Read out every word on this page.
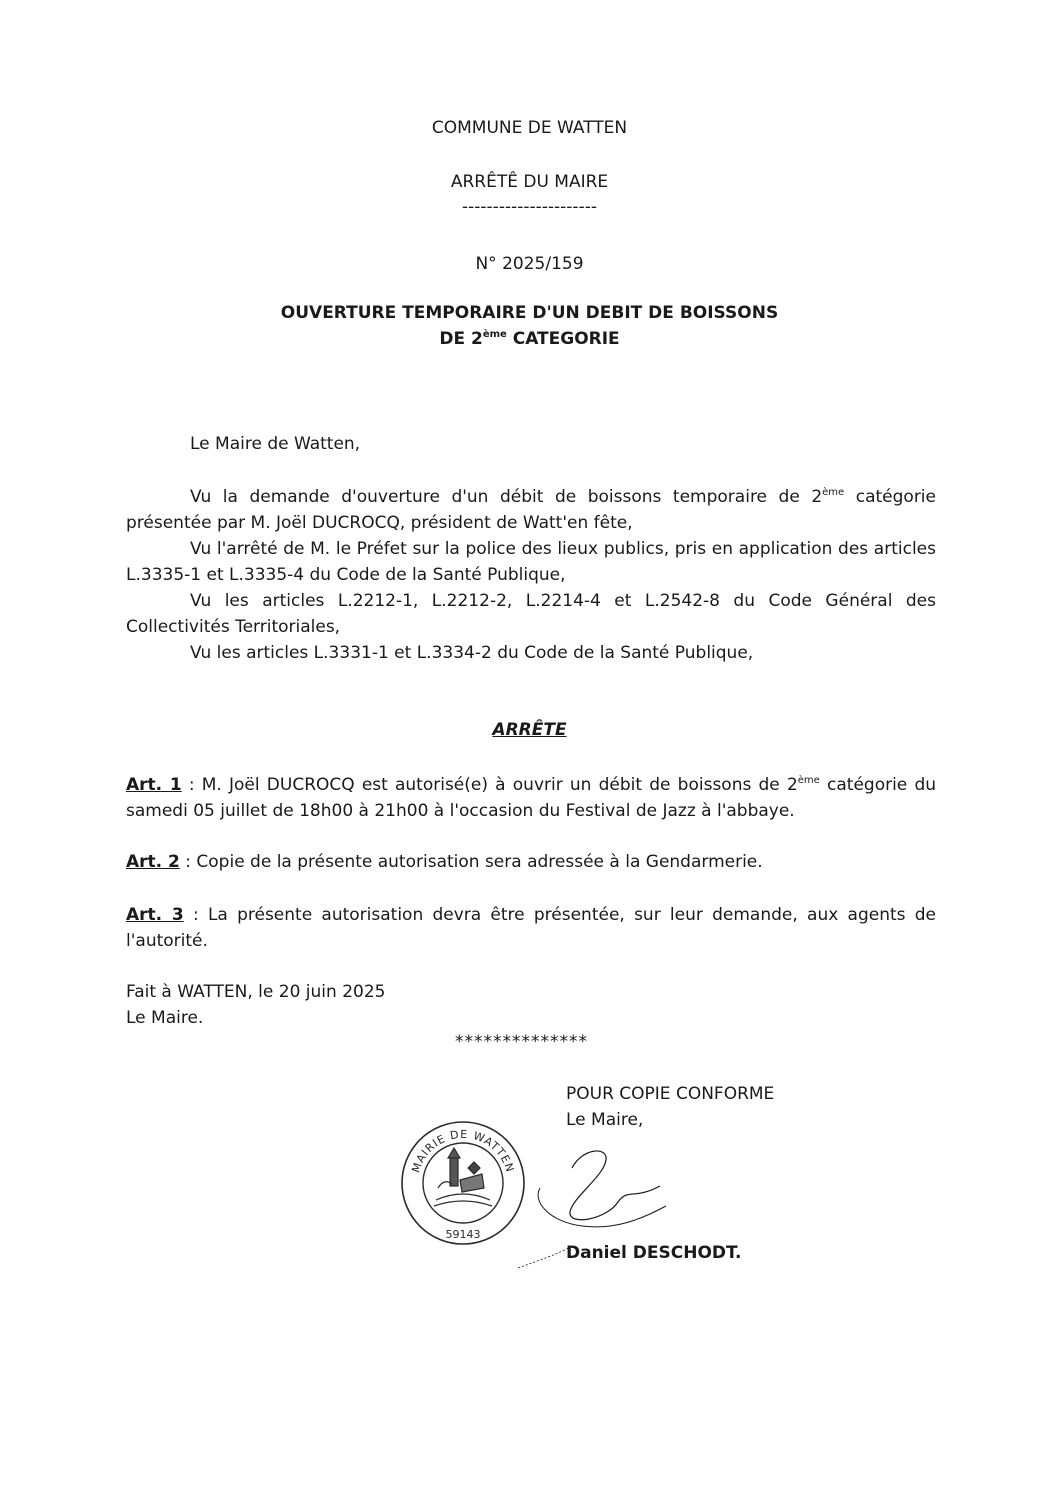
COMMUNE DE WATTEN
ARRÊTÊ DU MAIRE
----------------------
N° 2025/159
OUVERTURE TEMPORAIRE D'UN DEBIT DE BOISSONS
DE 2ème CATEGORIE
Le Maire de Watten,
Vu la demande d'ouverture d'un débit de boissons temporaire de 2ème catégorie présentée par M. Joël DUCROCQ, président de Watt'en fête,
Vu l'arrêté de M. le Préfet sur la police des lieux publics, pris en application des articles L.3335-1 et L.3335-4 du Code de la Santé Publique,
Vu les articles L.2212-1, L.2212-2, L.2214-4 et L.2542-8 du Code Général des Collectivités Territoriales,
Vu les articles L.3331-1 et L.3334-2 du Code de la Santé Publique,
ARRÊTE
Art. 1 : M. Joël DUCROCQ est autorisé(e) à ouvrir un débit de boissons de 2ème catégorie du samedi 05 juillet de 18h00 à 21h00 à l'occasion du Festival de Jazz à l'abbaye.
Art. 2 : Copie de la présente autorisation sera adressée à la Gendarmerie.
Art. 3 : La présente autorisation devra être présentée, sur leur demande, aux agents de l'autorité.
Fait à WATTEN, le 20 juin 2025
Le Maire.
**************
POUR COPIE CONFORME
Le Maire,
Daniel DESCHODT.
MAIRIE DE WATTEN
59143
